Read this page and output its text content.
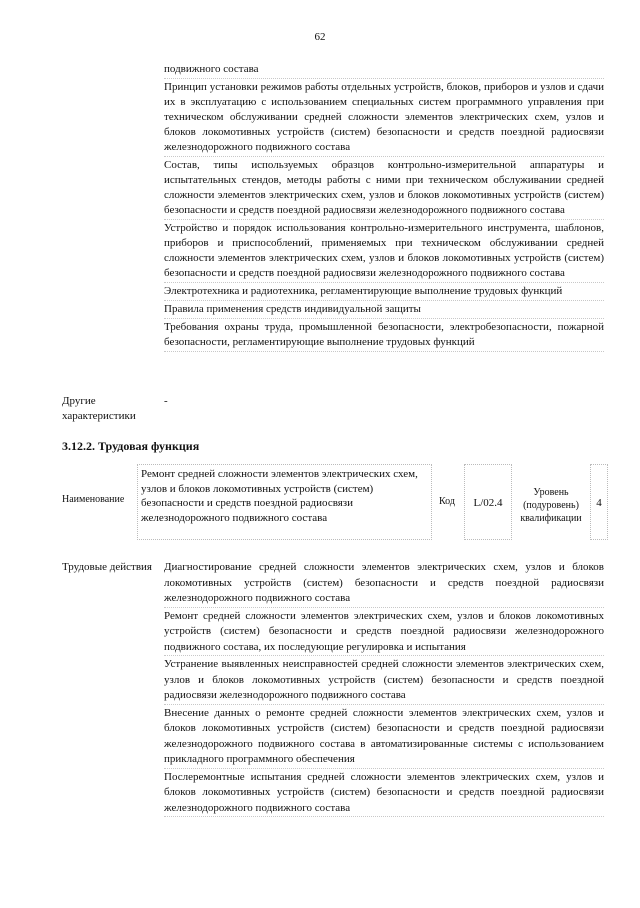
62
подвижного состава
Принцип установки режимов работы отдельных устройств, блоков, приборов и узлов и сдачи их в эксплуатацию с использованием специальных систем программного управления при техническом обслуживании средней сложности элементов электрических схем, узлов и блоков локомотивных устройств (систем) безопасности и средств поездной радиосвязи железнодорожного подвижного состава
Состав, типы используемых образцов контрольно-измерительной аппаратуры и испытательных стендов, методы работы с ними при техническом обслуживании средней сложности элементов электрических схем, узлов и блоков локомотивных устройств (систем) безопасности и средств поездной радиосвязи железнодорожного подвижного состава
Устройство и порядок использования контрольно-измерительного инструмента, шаблонов, приборов и приспособлений, применяемых при техническом обслуживании средней сложности элементов электрических схем, узлов и блоков локомотивных устройств (систем) безопасности и средств поездной радиосвязи железнодорожного подвижного состава
Электротехника и радиотехника, регламентирующие выполнение трудовых функций
Правила применения средств индивидуальной защиты
Требования охраны труда, промышленной безопасности, электробезопасности, пожарной безопасности, регламентирующие выполнение трудовых функций
Другие характеристики
-
3.12.2. Трудовая функция
Наименование
Ремонт средней сложности элементов электрических схем, узлов и блоков локомотивных устройств (систем) безопасности и средств поездной радиосвязи железнодорожного подвижного состава
Код	L/02.4
Уровень (подуровень) квалификации
4
Трудовые действия	Диагностирование средней сложности элементов электрических схем, узлов и блоков локомотивных устройств (систем) безопасности и средств поездной радиосвязи железнодорожного подвижного состава
Ремонт средней сложности элементов электрических схем, узлов и блоков локомотивных устройств (систем) безопасности и средств поездной радиосвязи железнодорожного подвижного состава, их последующие регулировка и испытания
Устранение выявленных неисправностей средней сложности элементов электрических схем, узлов и блоков локомотивных устройств (систем) безопасности и средств поездной радиосвязи железнодорожного подвижного состава
Внесение данных о ремонте средней сложности элементов электрических схем, узлов и блоков локомотивных устройств (систем) безопасности и средств поездной радиосвязи железнодорожного подвижного состава в автоматизированные системы с использованием прикладного программного обеспечения
Послеремонтные испытания средней сложности элементов электрических схем, узлов и блоков локомотивных устройств (систем) безопасности и средств поездной радиосвязи железнодорожного подвижного состава
